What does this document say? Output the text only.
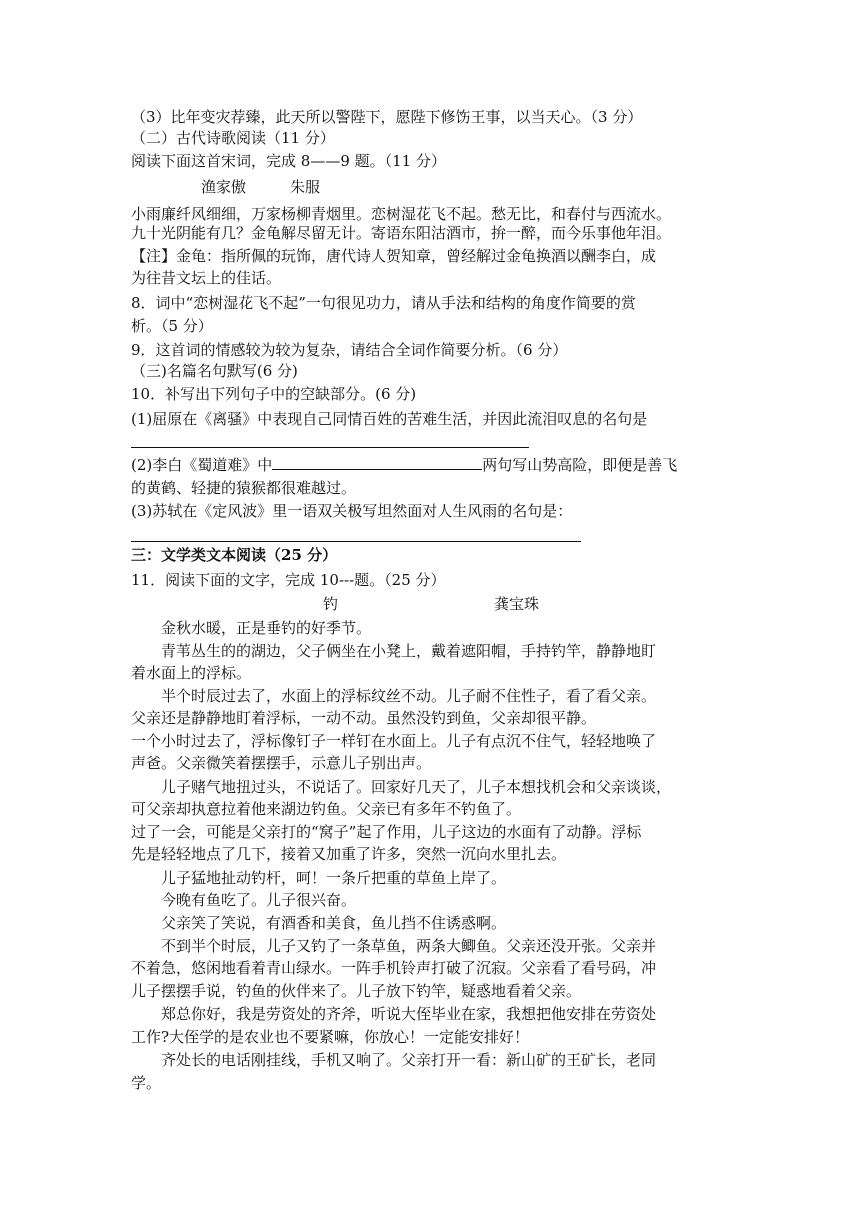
（3）比年变灾荐臻，此天所以警陛下，愿陛下修饬王事，以当天心。（3 分）
（二）古代诗歌阅读（11 分）
阅读下面这首宋词，完成 8——9 题。（11 分）
渔家傲	朱服
小雨廉纤风细细，万家杨柳青烟里。恋树湿花飞不起。愁无比，和春付与西流水。
九十光阴能有几？金龟解尽留无计。寄语东阳沽酒市，拚一醉，而今乐事他年泪。
【注】金龟：指所佩的玩饰，唐代诗人贺知章，曾经解过金龟换酒以酬李白，成
为往昔文坛上的佳话。
8．词中“恋树湿花飞不起”一句很见功力，请从手法和结构的角度作简要的赏
析。（5 分）
9．这首词的情感较为较为复杂，请结合全词作简要分析。（6 分）
（三)名篇名句默写(6 分)
10．补写出下列句子中的空缺部分。(6 分)
(1)屈原在《离骚》中表现自己同情百姓的苦难生活，并因此流泪叹息的名句是
(2)李白《蜀道难》中	两句写山势高险，即便是善飞
的黄鹤、轻捷的猿猴都很难越过。
(3)苏轼在《定风波》里一语双关极写坦然面对人生风雨的名句是：
三：文学类文本阅读（25 分）
11．阅读下面的文字，完成 10---题。（25 分）
钓	龚宝珠
金秋水暖，正是垂钓的好季节。
青苇丛生的的湖边，父子俩坐在小凳上，戴着遮阳帽，手持钓竿，静静地盯
着水面上的浮标。
半个时辰过去了，水面上的浮标纹丝不动。儿子耐不住性子，看了看父亲。
父亲还是静静地盯着浮标，一动不动。虽然没钓到鱼，父亲却很平静。
一个小时过去了，浮标像钉子一样钉在水面上。儿子有点沉不住气，轻轻地唤了
声爸。父亲微笑着摆摆手，示意儿子别出声。
儿子赌气地扭过头，不说话了。回家好几天了，儿子本想找机会和父亲谈谈，
可父亲却执意拉着他来湖边钓鱼。父亲已有多年不钓鱼了。
过了一会，可能是父亲打的“窝子”起了作用，儿子这边的水面有了动静。浮标
先是轻轻地点了几下，接着又加重了许多，突然一沉向水里扎去。
儿子猛地扯动钓杆，呵！一条斤把重的草鱼上岸了。
今晚有鱼吃了。儿子很兴奋。
父亲笑了笑说，有酒香和美食，鱼儿挡不住诱惑啊。
不到半个时辰，儿子又钓了一条草鱼，两条大鲫鱼。父亲还没开张。父亲并
不着急，悠闲地看着青山绿水。一阵手机铃声打破了沉寂。父亲看了看号码，冲
儿子摆摆手说，钓鱼的伙伴来了。儿子放下钓竿，疑惑地看着父亲。
郑总你好，我是劳资处的齐斧，听说大侄毕业在家，我想把他安排在劳资处
工作?大侄学的是农业也不要紧嘛，你放心！一定能安排好！
齐处长的电话刚挂线，手机又响了。父亲打开一看：新山矿的王矿长，老同
学。
